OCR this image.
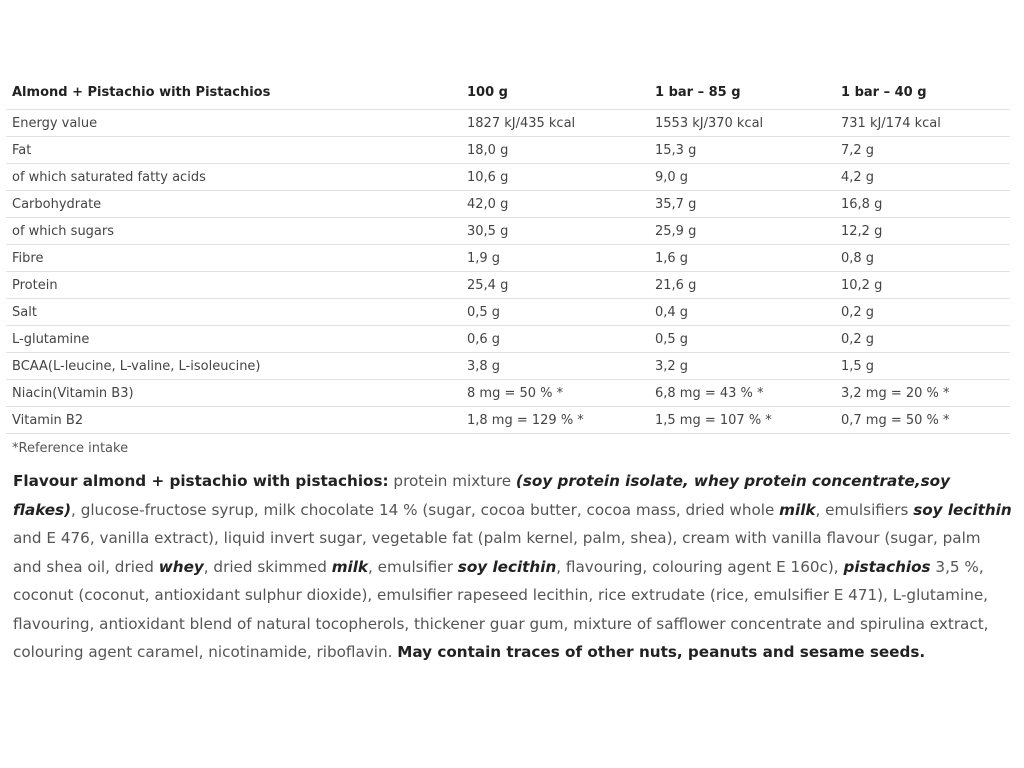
Almond + Pistachio with Pistachios	100 g	1 bar – 85 g	1 bar – 40 g
Energy value	1827 kJ/435 kcal	1553 kJ/370 kcal	731 kJ/174 kcal
Fat	18,0 g	15,3 g	7,2 g
of which saturated fatty acids	10,6 g	9,0 g	4,2 g
Carbohydrate	42,0 g	35,7 g	16,8 g
of which sugars	30,5 g	25,9 g	12,2 g
Fibre	1,9 g	1,6 g	0,8 g
Protein	25,4 g	21,6 g	10,2 g
Salt	0,5 g	0,4 g	0,2 g
L-glutamine	0,6 g	0,5 g	0,2 g
BCAA(L-leucine, L-valine, L-isoleucine)	3,8 g	3,2 g	1,5 g
Niacin(Vitamin B3)	8 mg = 50 % *	6,8 mg = 43 % *	3,2 mg = 20 % *
Vitamin B2	1,8 mg = 129 % *	1,5 mg = 107 % *	0,7 mg = 50 % *
*Reference intake
Flavour almond + pistachio with pistachios: protein mixture (soy protein isolate, whey protein concentrate,soy flakes), glucose-fructose syrup, milk chocolate 14 % (sugar, cocoa butter, cocoa mass, dried whole milk, emulsifiers soy lecithin and E 476, vanilla extract), liquid invert sugar, vegetable fat (palm kernel, palm, shea), cream with vanilla flavour (sugar, palm and shea oil, dried whey, dried skimmed milk, emulsifier soy lecithin, flavouring, colouring agent E 160c), pistachios 3,5 %, coconut (coconut, antioxidant sulphur dioxide), emulsifier rapeseed lecithin, rice extrudate (rice, emulsifier E 471), L-glutamine, flavouring, antioxidant blend of natural tocopherols, thickener guar gum, mixture of safflower concentrate and spirulina extract, colouring agent caramel, nicotinamide, riboflavin. May contain traces of other nuts, peanuts and sesame seeds.
